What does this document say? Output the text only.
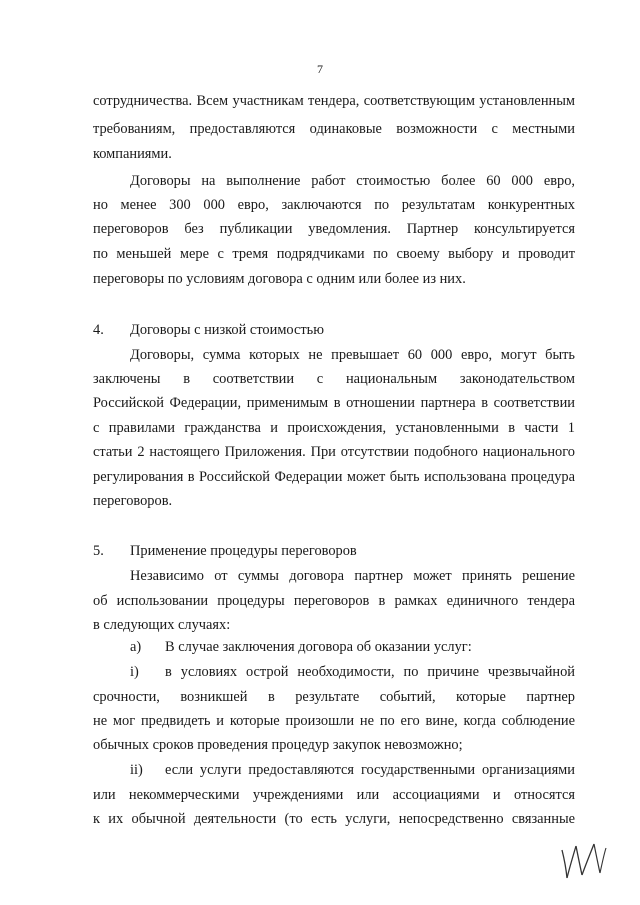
7
сотрудничества. Всем участникам тендера, соответствующим установленным
требованиям, предоставляются одинаковые возможности с местными
компаниями.
Договоры на выполнение работ стоимостью более 60 000 евро,
но менее 300 000 евро, заключаются по результатам конкурентных
переговоров без публикации уведомления. Партнер консультируется
по меньшей мере с тремя подрядчиками по своему выбору и проводит
переговоры по условиям договора с одним или более из них.
4. Договоры с низкой стоимостью
Договоры, сумма которых не превышает 60 000 евро, могут быть
заключены в соответствии с национальным законодательством
Российской Федерации, применимым в отношении партнера в соответствии
с правилами гражданства и происхождения, установленными в части 1
статьи 2 настоящего Приложения. При отсутствии подобного национального
регулирования в Российской Федерации может быть использована процедура
переговоров.
5. Применение процедуры переговоров
Независимо от суммы договора партнер может принять решение
об использовании процедуры переговоров в рамках единичного тендера
в следующих случаях:
а) В случае заключения договора об оказании услуг:
i) в условиях острой необходимости, по причине чрезвычайной
срочности, возникшей в результате событий, которые партнер
не мог предвидеть и которые произошли не по его вине, когда соблюдение
обычных сроков проведения процедур закупок невозможно;
ii) если услуги предоставляются государственными организациями
или некоммерческими учреждениями или ассоциациями и относятся
к их обычной деятельности (то есть услуги, непосредственно связанные
